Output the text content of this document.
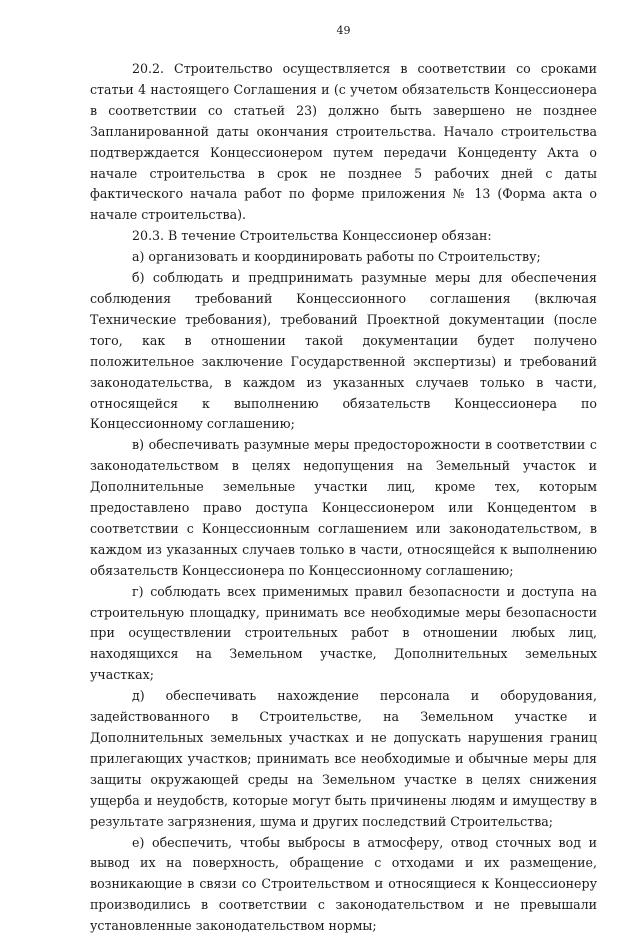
49

20.2. Строительство осуществляется в соответствии со сроками статьи 4 настоящего Соглашения и (с учетом обязательств Концессионера в соответствии со статьей 23) должно быть завершено не позднее Запланированной даты окончания строительства. Начало строительства подтверждается Концессионером путем передачи Концеденту Акта о начале строительства в срок не позднее 5 рабочих дней с даты фактического начала работ по форме приложения № 13 (Форма акта о начале строительства).

20.3. В течение Строительства Концессионер обязан:

а) организовать и координировать работы по Строительству;

б) соблюдать и предпринимать разумные меры для обеспечения соблюдения требований Концессионного соглашения (включая Технические требования), требований Проектной документации (после того, как в отношении такой документации будет получено положительное заключение Государственной экспертизы) и требований законодательства, в каждом из указанных случаев только в части, относящейся к выполнению обязательств Концессионера по Концессионному соглашению;

в) обеспечивать разумные меры предосторожности в соответствии с законодательством в целях недопущения на Земельный участок и Дополнительные земельные участки лиц, кроме тех, которым предоставлено право доступа Концессионером или Концедентом в соответствии с Концессионным соглашением или законодательством, в каждом из указанных случаев только в части, относящейся к выполнению обязательств Концессионера по Концессионному соглашению;

г) соблюдать всех применимых правил безопасности и доступа на строительную площадку, принимать все необходимые меры безопасности при осуществлении строительных работ в отношении любых лиц, находящихся на Земельном участке, Дополнительных земельных участках;

д) обеспечивать нахождение персонала и оборудования, задействованного в Строительстве, на Земельном участке и Дополнительных земельных участках и не допускать нарушения границ прилегающих участков; принимать все необходимые и обычные меры для защиты окружающей среды на Земельном участке в целях снижения ущерба и неудобств, которые могут быть причинены людям и имуществу в результате загрязнения, шума и других последствий Строительства;

е) обеспечить, чтобы выбросы в атмосферу, отвод сточных вод и вывод их на поверхность, обращение с отходами и их размещение, возникающие в связи со Строительством и относящиеся к Концессионеру производились в соответствии с законодательством и не превышали установленные законодательством нормы;
